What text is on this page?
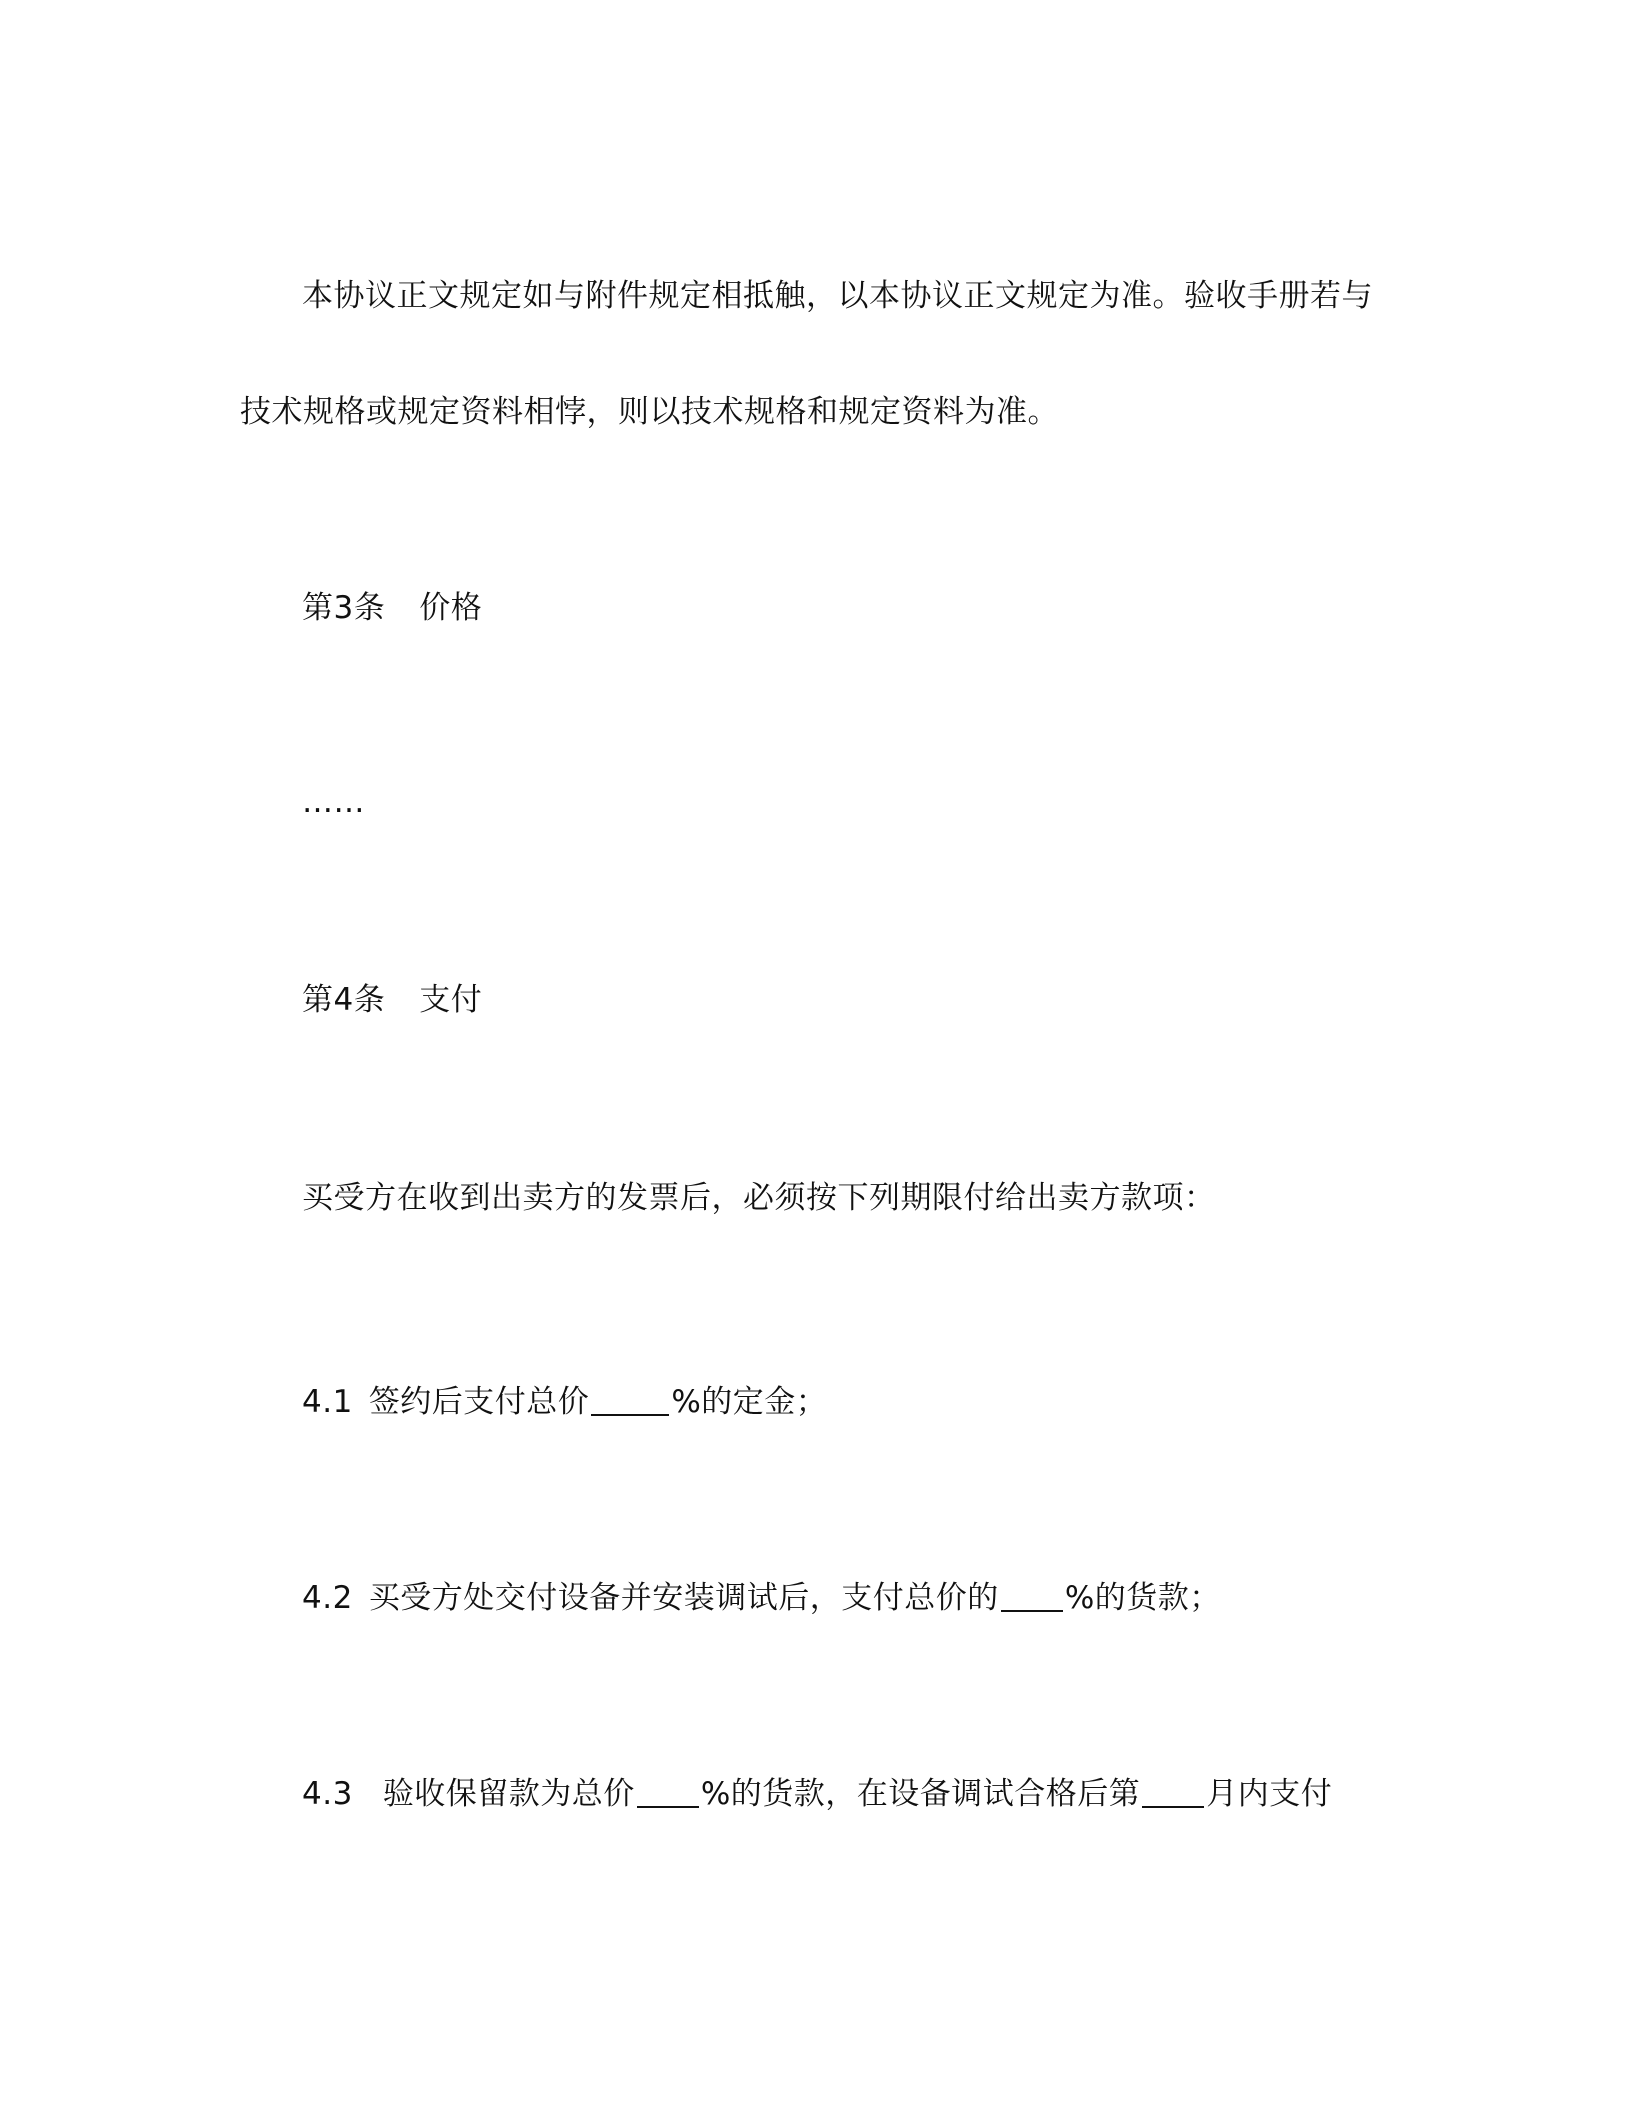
本协议正文规定如与附件规定相抵触，以本协议正文规定为准。验收手册若与
技术规格或规定资料相悖，则以技术规格和规定资料为准。
第3条 价格
……
第4条 支付
买受方在收到出卖方的发票后，必须按下列期限付给出卖方款项：
4.1 签约后支付总价	%的定金；
4.2 买受方处交付设备并安装调试后，支付总价的 %的货款；
4.3 验收保留款为总价 %的货款，在设备调试合格后第 月内支付
